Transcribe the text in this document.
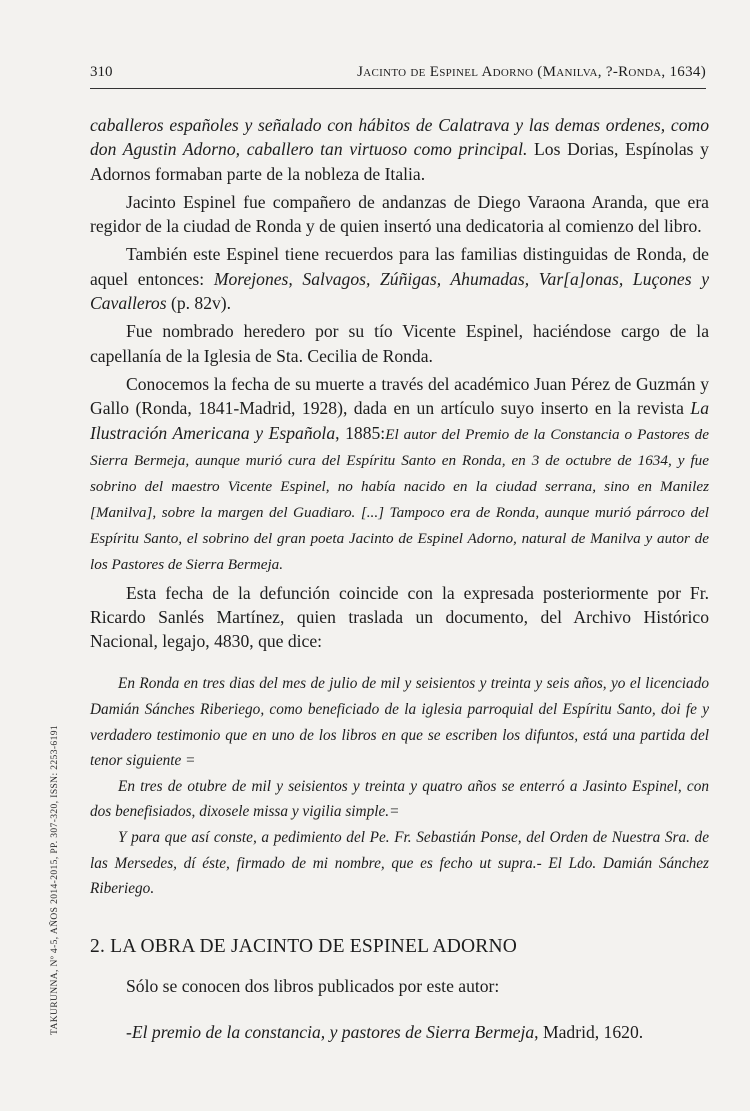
310	Jacinto de Espinel Adorno (Manilva, ?-Ronda, 1634)

caballeros españoles y señalado con hábitos de Calatrava y las demas ordenes, como don Agustin Adorno, caballero tan virtuoso como principal. Los Dorias, Espínolas y Adornos formaban parte de la nobleza de Italia.

Jacinto Espinel fue compañero de andanzas de Diego Varaona Aranda, que era regidor de la ciudad de Ronda y de quien insertó una dedicatoria al comienzo del libro.

También este Espinel tiene recuerdos para las familias distinguidas de Ronda, de aquel entonces: Morejones, Salvagos, Zúñigas, Ahumadas, Var[a]onas, Luçones y Cavalleros (p. 82v).

Fue nombrado heredero por su tío Vicente Espinel, haciéndose cargo de la capellanía de la Iglesia de Sta. Cecilia de Ronda.

Conocemos la fecha de su muerte a través del académico Juan Pérez de Guzmán y Gallo (Ronda, 1841-Madrid, 1928), dada en un artículo suyo inserto en la revista La Ilustración Americana y Española, 1885:El autor del Premio de la Constancia o Pastores de Sierra Bermeja, aunque murió cura del Espíritu Santo en Ronda, en 3 de octubre de 1634, y fue sobrino del maestro Vicente Espinel, no había nacido en la ciudad serrana, sino en Manilez [Manilva], sobre la margen del Guadiaro. [...] Tampoco era de Ronda, aunque murió párroco del Espíritu Santo, el sobrino del gran poeta Jacinto de Espinel Adorno, natural de Manilva y autor de los Pastores de Sierra Bermeja.

Esta fecha de la defunción coincide con la expresada posteriormente por Fr. Ricardo Sanlés Martínez, quien traslada un documento, del Archivo Histórico Nacional, legajo, 4830, que dice:

En Ronda en tres dias del mes de julio de mil y seisientos y treinta y seis años, yo el licenciado Damián Sánches Riberiego, como beneficiado de la iglesia parroquial del Espíritu Santo, doi fe y verdadero testimonio que en uno de los libros en que se escriben los difuntos, está una partida del tenor siguiente =

En tres de otubre de mil y seisientos y treinta y quatro años se enterró a Jasinto Espinel, con dos benefisiados, dixosele missa y vigilia simple.=

Y para que así conste, a pedimiento del Pe. Fr. Sebastián Ponse, del Orden de Nuestra Sra. de las Mersedes, dí éste, firmado de mi nombre, que es fecho ut supra.- El Ldo. Damián Sánchez Riberiego.

2. LA OBRA DE JACINTO DE ESPINEL ADORNO

Sólo se conocen dos libros publicados por este autor:

-El premio de la constancia, y pastores de Sierra Bermeja, Madrid, 1620.

TAKURUNNA, Nº 4-5, AÑOS 2014-2015, PP. 307-320, ISSN: 2253-6191
